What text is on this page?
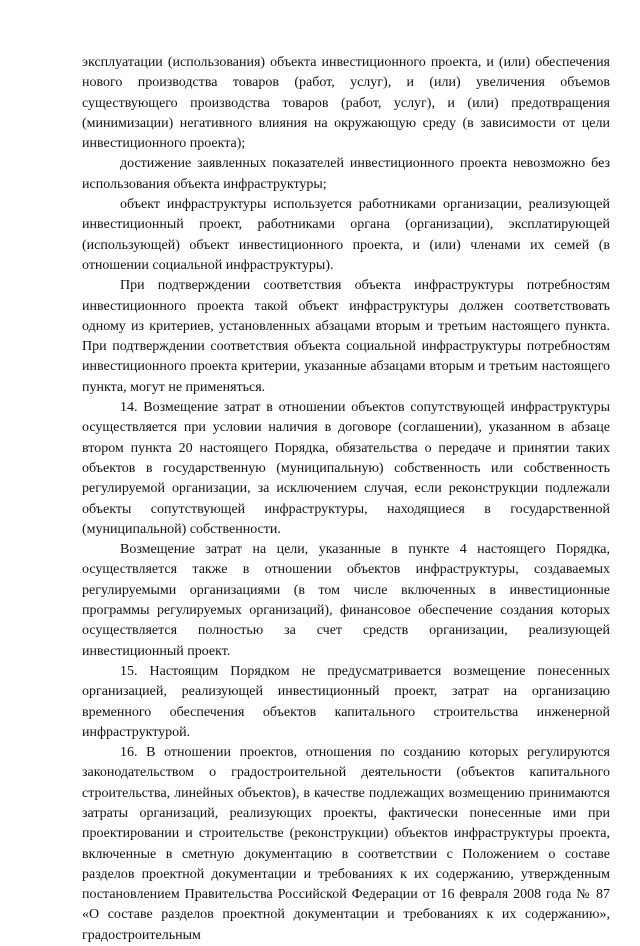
эксплуатации (использования) объекта инвестиционного проекта, и (или) обеспечения нового производства товаров (работ, услуг), и (или) увеличения объемов существующего производства товаров (работ, услуг), и (или) предотвращения (минимизации) негативного влияния на окружающую среду (в зависимости от цели инвестиционного проекта);

достижение заявленных показателей инвестиционного проекта невозможно без использования объекта инфраструктуры;

объект инфраструктуры используется работниками организации, реализующей инвестиционный проект, работниками органа (организации), эксплатирующей (использующей) объект инвестиционного проекта, и (или) членами их семей (в отношении социальной инфраструктуры).

При подтверждении соответствия объекта инфраструктуры потребностям инвестиционного проекта такой объект инфраструктуры должен соответствовать одному из критериев, установленных абзацами вторым и третьим настоящего пункта. При подтверждении соответствия объекта социальной инфраструктуры потребностям инвестиционного проекта критерии, указанные абзацами вторым и третьим настоящего пункта, могут не применяться.

14. Возмещение затрат в отношении объектов сопутствующей инфраструктуры осуществляется при условии наличия в договоре (соглашении), указанном в абзаце втором пункта 20 настоящего Порядка, обязательства о передаче и принятии таких объектов в государственную (муниципальную) собственность или собственность регулируемой организации, за исключением случая, если реконструкции подлежали объекты сопутствующей инфраструктуры, находящиеся в государственной (муниципальной) собственности.

Возмещение затрат на цели, указанные в пункте 4 настоящего Порядка, осуществляется также в отношении объектов инфраструктуры, создаваемых регулируемыми организациями (в том числе включенных в инвестиционные программы регулируемых организаций), финансовое обеспечение создания которых осуществляется полностью за счет средств организации, реализующей инвестиционный проект.

15. Настоящим Порядком не предусматривается возмещение понесенных организацией, реализующей инвестиционный проект, затрат на организацию временного обеспечения объектов капитального строительства инженерной инфраструктурой.

16. В отношении проектов, отношения по созданию которых регулируются законодательством о градостроительной деятельности (объектов капитального строительства, линейных объектов), в качестве подлежащих возмещению принимаются затраты организаций, реализующих проекты, фактически понесенные ими при проектировании и строительстве (реконструкции) объектов инфраструктуры проекта, включенные в сметную документацию в соответствии с Положением о составе разделов проектной документации и требованиях к их содержанию, утвержденным постановлением Правительства Российской Федерации от 16 февраля 2008 года № 87 «О составе разделов проектной документации и требованиях к их содержанию», градостроительным
